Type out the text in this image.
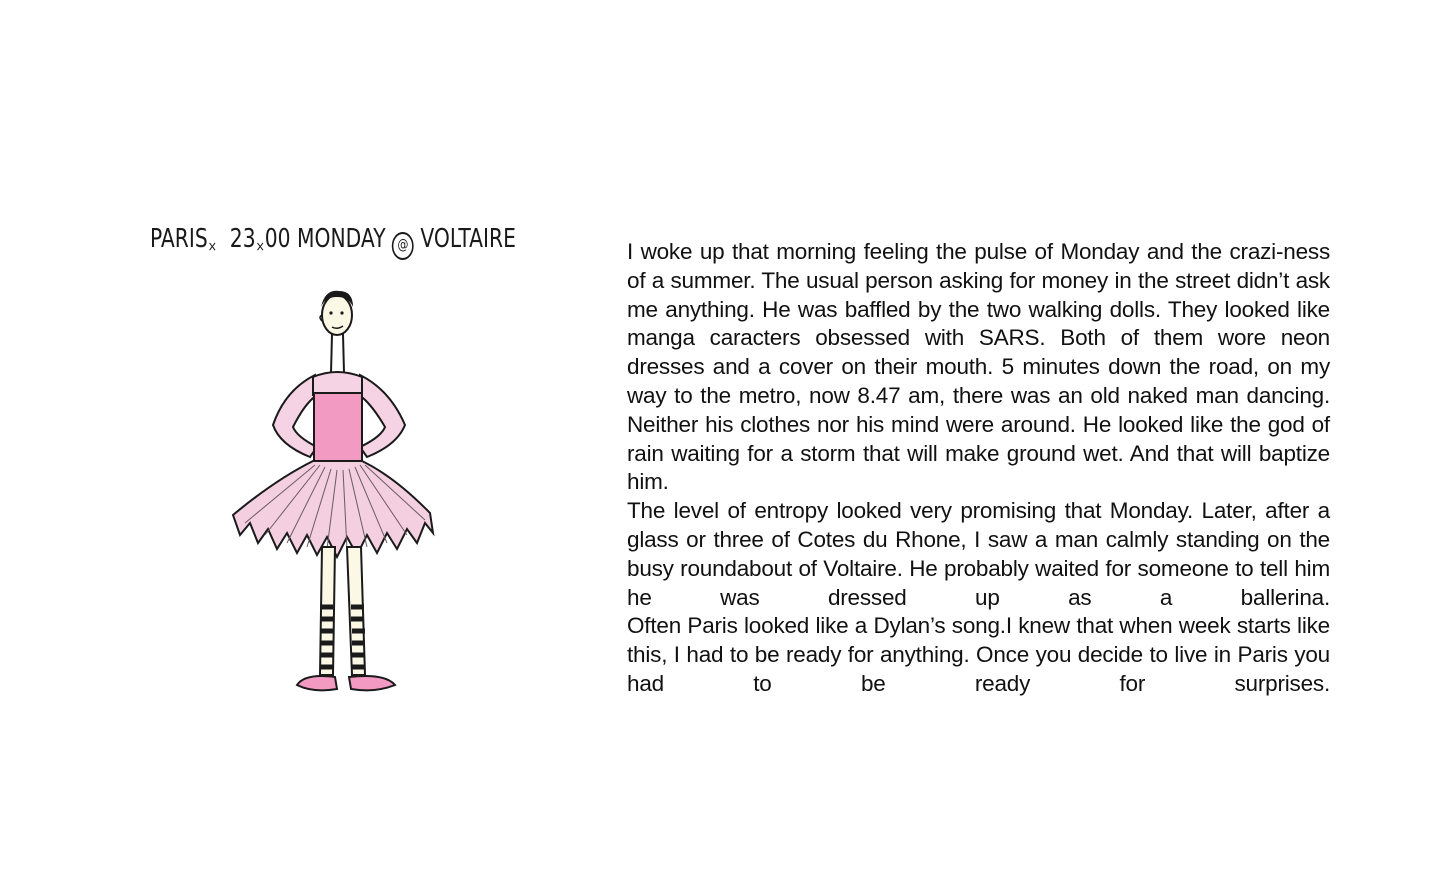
PARIS× 23×00 MONDAY @ VOLTAIRE	I woke up that morning feeling the pulse of Monday and the crazi-ness of a summer. The usual person asking for money in the street didn’t ask me anything. He was baffled by the two walking dolls. They looked like manga caracters obsessed with SARS. Both of them wore neon dresses and a cover on their mouth. 5 minutes down the road, on my way to the metro, now 8.47 am, there was an old naked man dancing. Neither his clothes nor his mind were around. He looked like the god of rain waiting for a storm that will make ground wet. And that will baptize him.

The level of entropy looked very promising that Monday. Later, after a glass or three of Cotes du Rhone, I saw a man calmly standing on the busy roundabout of Voltaire. He probably waited for someone to tell him he was dressed up as a ballerina.

Often Paris looked like a Dylan’s song.I knew that when week starts like this, I had to be ready for anything. Once you decide to live in Paris you had to be ready for surprises.
